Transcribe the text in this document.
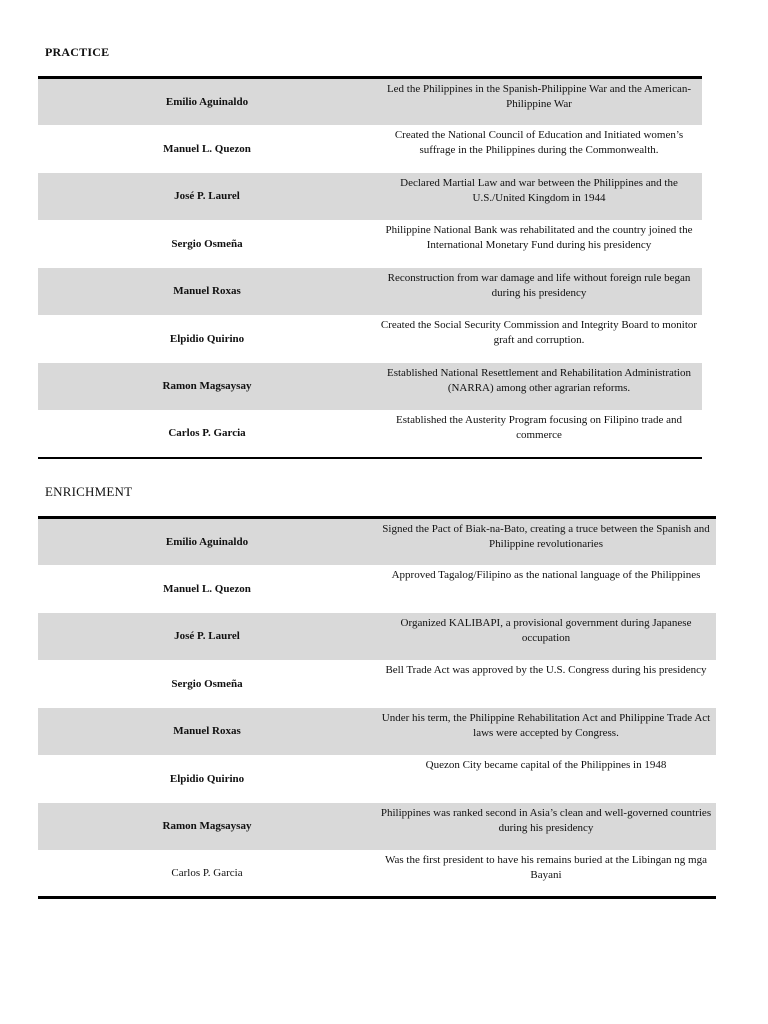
PRACTICE
Emilio Aguinaldo	Led the Philippines in the Spanish-Philippine War and the American-Philippine War
Manuel L. Quezon	Created the National Council of Education and Initiated women’s suffrage in the Philippines during the Commonwealth.
José P. Laurel	Declared Martial Law and war between the Philippines and the U.S./United Kingdom in 1944
Sergio Osmeña	Philippine National Bank was rehabilitated and the country joined the International Monetary Fund during his presidency
Manuel Roxas	Reconstruction from war damage and life without foreign rule began during his presidency
Elpidio Quirino	Created the Social Security Commission and Integrity Board to monitor graft and corruption.
Ramon Magsaysay	Established National Resettlement and Rehabilitation Administration (NARRA) among other agrarian reforms.
Carlos P. Garcia	Established the Austerity Program focusing on Filipino trade and commerce
ENRICHMENT
Emilio Aguinaldo	Signed the Pact of Biak-na-Bato, creating a truce between the Spanish and Philippine revolutionaries
Manuel L. Quezon	Approved Tagalog/Filipino as the national language of the Philippines
José P. Laurel	Organized KALIBAPI, a provisional government during Japanese occupation
Sergio Osmeña	Bell Trade Act was approved by the U.S. Congress during his presidency
Manuel Roxas	Under his term, the Philippine Rehabilitation Act and Philippine Trade Act laws were accepted by Congress.
Elpidio Quirino	Quezon City became capital of the Philippines in 1948
Ramon Magsaysay	Philippines was ranked second in Asia’s clean and well-governed countries during his presidency
Carlos P. Garcia	Was the first president to have his remains buried at the Libingan ng mga Bayani
